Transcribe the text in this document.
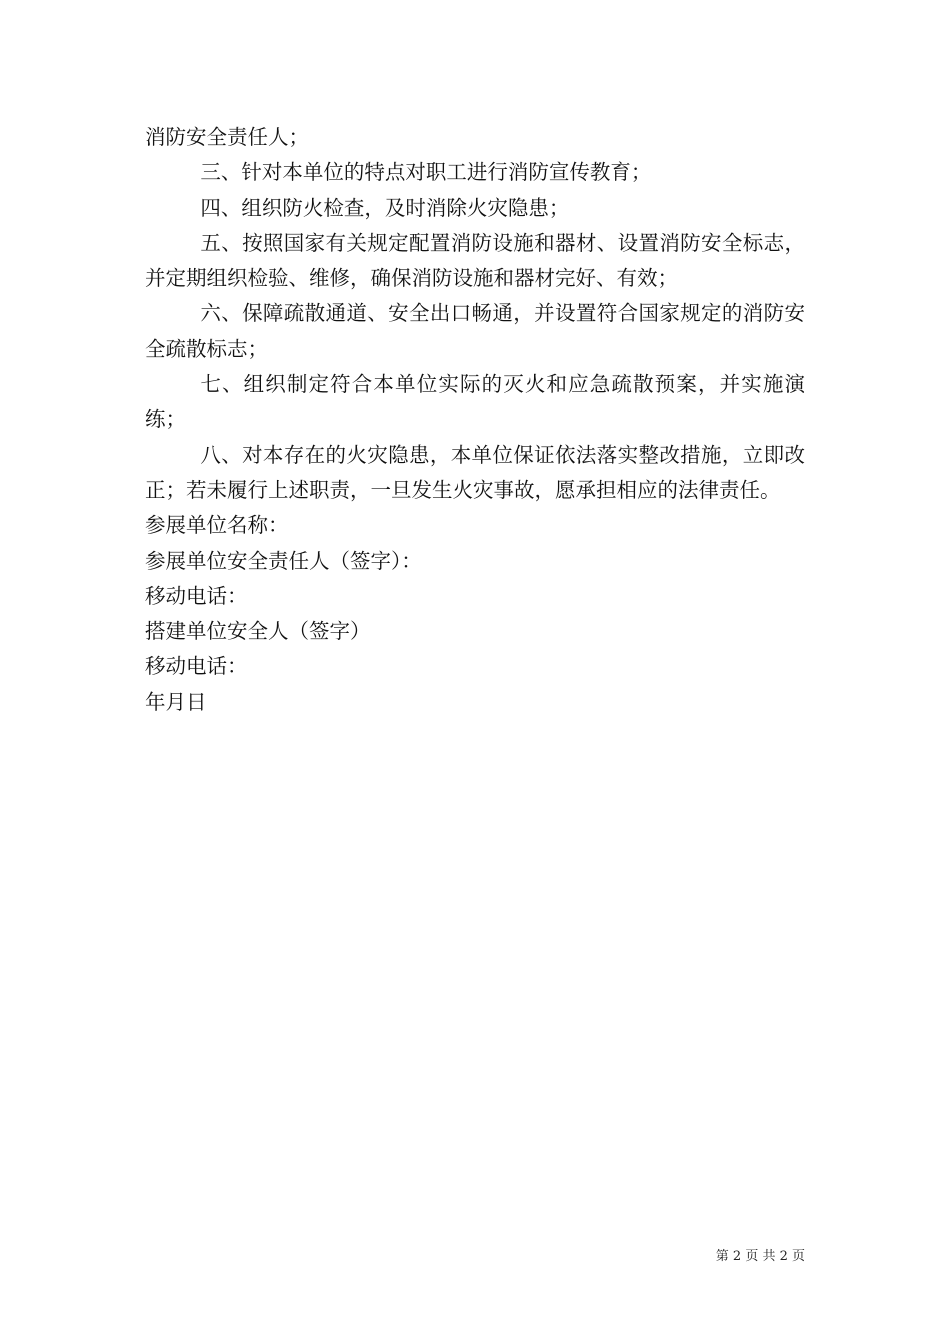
消防安全责任人；

三、针对本单位的特点对职工进行消防宣传教育；

四、组织防火检查，及时消除火灾隐患；

五、按照国家有关规定配置消防设施和器材、设置消防安全标志，并定期组织检验、维修，确保消防设施和器材完好、有效；

六、保障疏散通道、安全出口畅通，并设置符合国家规定的消防安全疏散标志；

七、组织制定符合本单位实际的灭火和应急疏散预案，并实施演练；

八、对本存在的火灾隐患，本单位保证依法落实整改措施，立即改正；若未履行上述职责，一旦发生火灾事故，愿承担相应的法律责任。

参展单位名称：

参展单位安全责任人（签字）：

移动电话：

搭建单位安全人（签字）

移动电话：

年月日

第 2 页 共 2 页
